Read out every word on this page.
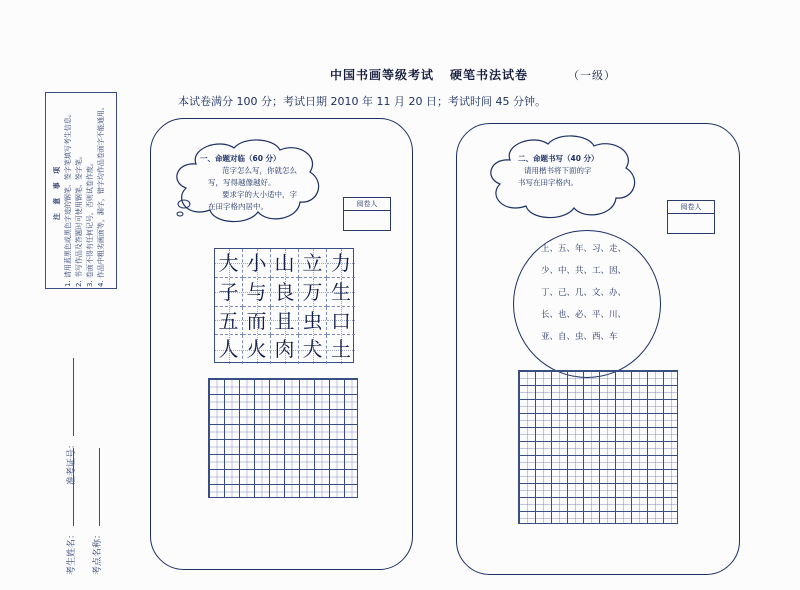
中国书画等级考试 硬笔书法试卷	（一级）
本试卷满分 100 分；考试日期 2010 年 11 月 20 日；考试时间 45 分钟。
注 意 事 项 1. 请用蓝黑色或黑色字迹的钢笔、签字笔填写考生信息。 2. 书写作品及答题时可使用钢笔、签字笔。 3. 卷面不得有任何记号，否则试卷作废。 4. 作品中粗劣画面等，漏字，错字均作品卷面字不能通用。
准考证号：
考生姓名：	考点名称：
一、命题对临（60 分）
范字怎么写，你就怎么
写，写得越像越好。
要求字的大小适中，字
在田字格内居中。	阅卷人
大 小 山 立 力
子 与 良 万 生
五 而 且 虫 口
人 火 肉 犬 土
二、命题书写（40 分）
请用楷书将下面的字
书写在田字格内。
阅卷人
上、五、年、习、走、
少、中、共、工、因、
丁、己、几、文、办、
长、也、必、平、川、
亚、自、虫、西、车
